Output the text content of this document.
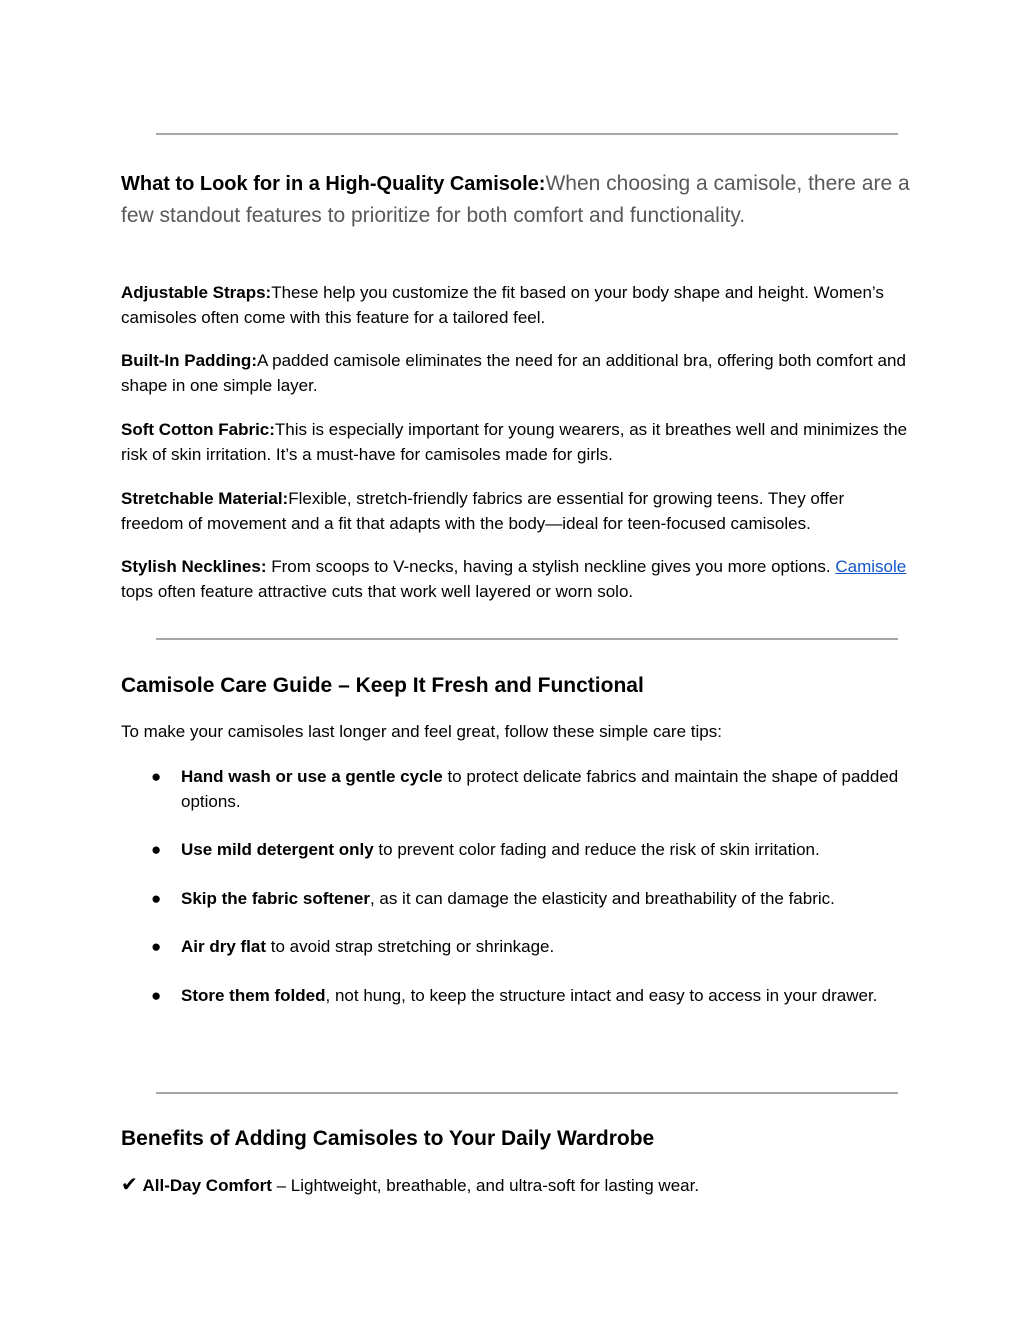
What to Look for in a High-Quality Camisole:When choosing a camisole, there are a few standout features to prioritize for both comfort and functionality.

Adjustable Straps:These help you customize the fit based on your body shape and height. Women’s camisoles often come with this feature for a tailored feel.

Built-In Padding:A padded camisole eliminates the need for an additional bra, offering both comfort and shape in one simple layer.

Soft Cotton Fabric:This is especially important for young wearers, as it breathes well and minimizes the risk of skin irritation. It’s a must-have for camisoles made for girls.

Stretchable Material:Flexible, stretch-friendly fabrics are essential for growing teens. They offer freedom of movement and a fit that adapts with the body—ideal for teen-focused camisoles.

Stylish Necklines: From scoops to V-necks, having a stylish neckline gives you more options. Camisole tops often feature attractive cuts that work well layered or worn solo.

Camisole Care Guide – Keep It Fresh and Functional

To make your camisoles last longer and feel great, follow these simple care tips:

● Hand wash or use a gentle cycle to protect delicate fabrics and maintain the shape of padded options.
● Use mild detergent only to prevent color fading and reduce the risk of skin irritation.
● Skip the fabric softener, as it can damage the elasticity and breathability of the fabric.
● Air dry flat to avoid strap stretching or shrinkage.
● Store them folded, not hung, to keep the structure intact and easy to access in your drawer.
Benefits of Adding Camisoles to Your Daily Wardrobe

✔ All-Day Comfort – Lightweight, breathable, and ultra-soft for lasting wear.
